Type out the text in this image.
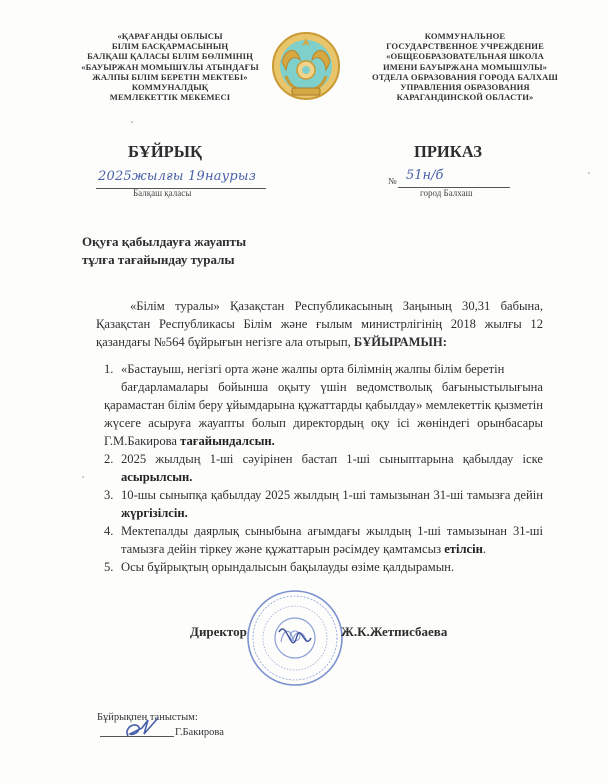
«ҚАРАҒАНДЫ ОБЛЫСЫ
БІЛІМ БАСҚАРМАСЫНЫҢ
БАЛҚАШ ҚАЛАСЫ БІЛІМ БӨЛІМІНІҢ
«БАУЫРЖАН МОМЫШҰЛЫ АТЫНДАҒЫ
ЖАЛПЫ БІЛІМ БЕРЕТІН МЕКТЕБІ»
КОММУНАЛДЫҚ
МЕМЛЕКЕТТІК МЕКЕМЕСІ
КОММУНАЛЬНОЕ
ГОСУДАРСТВЕННОЕ УЧРЕЖДЕНИЕ
«ОБЩЕОБРАЗОВАТЕЛЬНАЯ ШКОЛА
ИМЕНИ БАУЫРЖАНА МОМЫШУЛЫ»
ОТДЕЛА ОБРАЗОВАНИЯ ГОРОДА БАЛХАШ
УПРАВЛЕНИЯ ОБРАЗОВАНИЯ
КАРАГАНДИНСКОЙ ОБЛАСТИ»
БҰЙРЫҚ	ПРИКАЗ
2025жылғы 19наурыз
Балқаш қаласы
№ 51н/б
город Балхаш
Оқуға қабылдауға жауапты
тұлға тағайындау туралы
«Білім туралы» Қазақстан Республикасының Заңының 30,31 бабына, Қазақстан Республикасы Білім және ғылым министрлігінің 2018 жылғы 12 қазандағы №564 бұйрығын негізге ала отырып, БҰЙЫРАМЫН:
1. «Бастауыш, негізгі орта және жалпы орта білімнің жалпы білім беретін
бағдарламалары бойынша оқыту үшін ведомстволық бағыныстылығына қарамастан білім беру ұйымдарына құжаттарды қабылдау» мемлекеттік қызметін жүсеге асыруға жауапты болып директордың оқу ісі жөніндегі орынбасары Г.М.Бакирова тағайындалсын.
2. 2025 жылдың 1-ші сәуірінен бастап 1-ші сыныптарына қабылдау іске асырылсын.
3. 10-шы сыныпқа қабылдау 2025 жылдың 1-ші тамызынан 31-ші тамызға дейін жүргізілсін.
4. Мектепалды даярлық сыныбына ағымдағы жылдың 1-ші тамызынан 31-ші тамызға дейін тіркеу және құжаттарын рәсімдеу қамтамсыз етілсін.
5. Осы бұйрықтың орындалысын бақылауды өзіме қалдырамын.
Директор	Ж.К.Жетписбаева
Бұйрықпен таныстым:
Г.Бакирова
